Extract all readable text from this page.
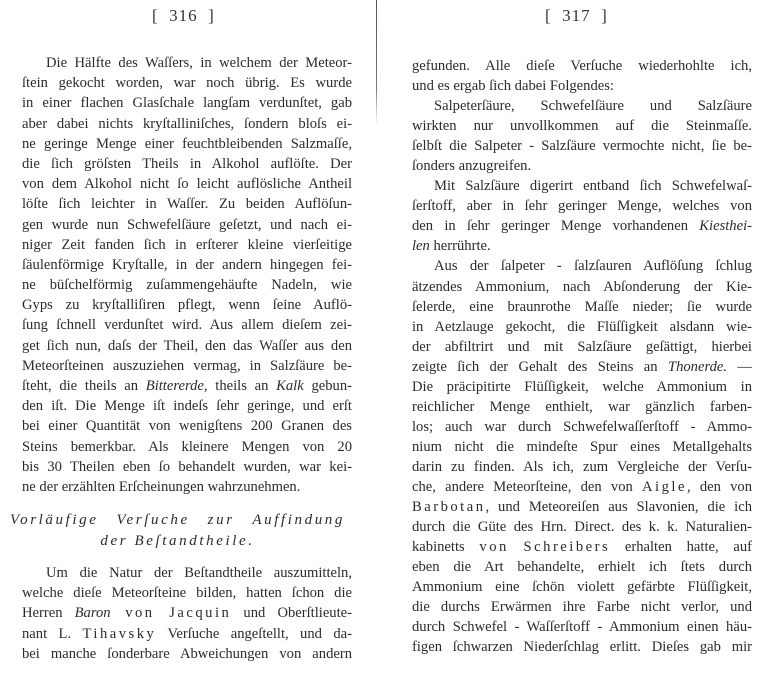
[  316  ]
Die Hälfte des Waſſers, in welchem der Meteor-
ſtein gekocht worden, war noch übrig. Es wurde
in einer flachen Glasſchale langſam verdunſtet, gab
aber dabei nichts kryſtalliniſches, ſondern bloſs ei-
ne geringe Menge einer feuchtbleibenden Salzmaſſe,
die ſich gröſsten Theils in Alkohol auflöſte. Der
von dem Alkohol nicht ſo leicht auflösliche Antheil
löſte ſich leichter in Waſſer. Zu beiden Auflöſun-
gen wurde nun Schwefelſäure geſetzt, und nach ei-
niger Zeit fanden ſich in erſterer kleine vierſeitige
ſäulenförmige Kryſtalle, in der andern hingegen fei-
ne büſchelförmig zuſammengehäufte Nadeln, wie
Gyps zu kryſtalliſiren pflegt, wenn ſeine Auflö-
ſung ſchnell verdunſtet wird. Aus allem dieſem zei-
get ſich nun, daſs der Theil, den das Waſſer aus den
Meteorſteinen auszuziehen vermag, in Salzſäure be-
ſteht, die theils an Bittererde, theils an Kalk gebun-
den iſt. Die Menge iſt indeſs ſehr geringe, und erſt
bei einer Quantität von wenigſtens 200 Granen des
Steins bemerkbar. Als kleinere Mengen von 20
bis 30 Theilen eben ſo behandelt wurden, war kei-
ne der erzählten Erſcheinungen wahrzunehmen.
Vorläufige Verſuche zur Auffindung
der Beſtandtheile.
Um die Natur der Beſtandtheile auszumitteln,
welche dieſe Meteorſteine bilden, hatten ſchon die
Herren Baron von Jacquin und Oberſtlieute-
nant L. Tihavsky Verſuche angeſtellt, und da-
bei manche ſonderbare Abweichungen von andern
[  317  ]
gefunden. Alle dieſe Verſuche wiederhohlte ich,
und es ergab ſich dabei Folgendes:
Salpeterſäure, Schwefelſäure und Salzſäure
wirkten nur unvollkommen auf die Steinmaſſe.
ſelbſt die Salpeter - Salzſäure vermochte nicht, ſie be-
ſonders anzugreifen.
Mit Salzſäure digerirt entband ſich Schwefelwaſ-
ſerſtoff, aber in ſehr geringer Menge, welches von
den in ſehr geringer Menge vorhandenen Kiesthei-
len herrührte.
Aus der ſalpeter - ſalzſauren Auflöſung ſchlug
ätzendes Ammonium, nach Abſonderung der Kie-
ſelerde, eine braunrothe Maſſe nieder; ſie wurde
in Aetzlauge gekocht, die Flüſſigkeit alsdann wie-
der abfiltrirt und mit Salzſäure geſättigt, hierbei
zeigte ſich der Gehalt des Steins an Thonerde. —
Die präcipitirte Flüſſigkeit, welche Ammonium in
reichlicher Menge enthielt, war gänzlich farben-
los; auch war durch Schwefelwaſſerſtoff - Ammo-
nium nicht die mindeſte Spur eines Metallgehalts
darin zu finden. Als ich, zum Vergleiche der Verſu-
che, andere Meteorſteine, den von Aigle, den von
Barbotan, und Meteoreiſen aus Slavonien, die ich
durch die Güte des Hrn. Direct. des k. k. Naturalien-
kabinetts von Schreibers erhalten hatte, auf
eben die Art behandelte, erhielt ich ſtets durch
Ammonium eine ſchön violett gefärbte Flüſſigkeit,
die durchs Erwärmen ihre Farbe nicht verlor, und
durch Schwefel - Waſſerſtoff - Ammonium einen häu-
figen ſchwarzen Niederſchlag erlitt. Dieſes gab mir
